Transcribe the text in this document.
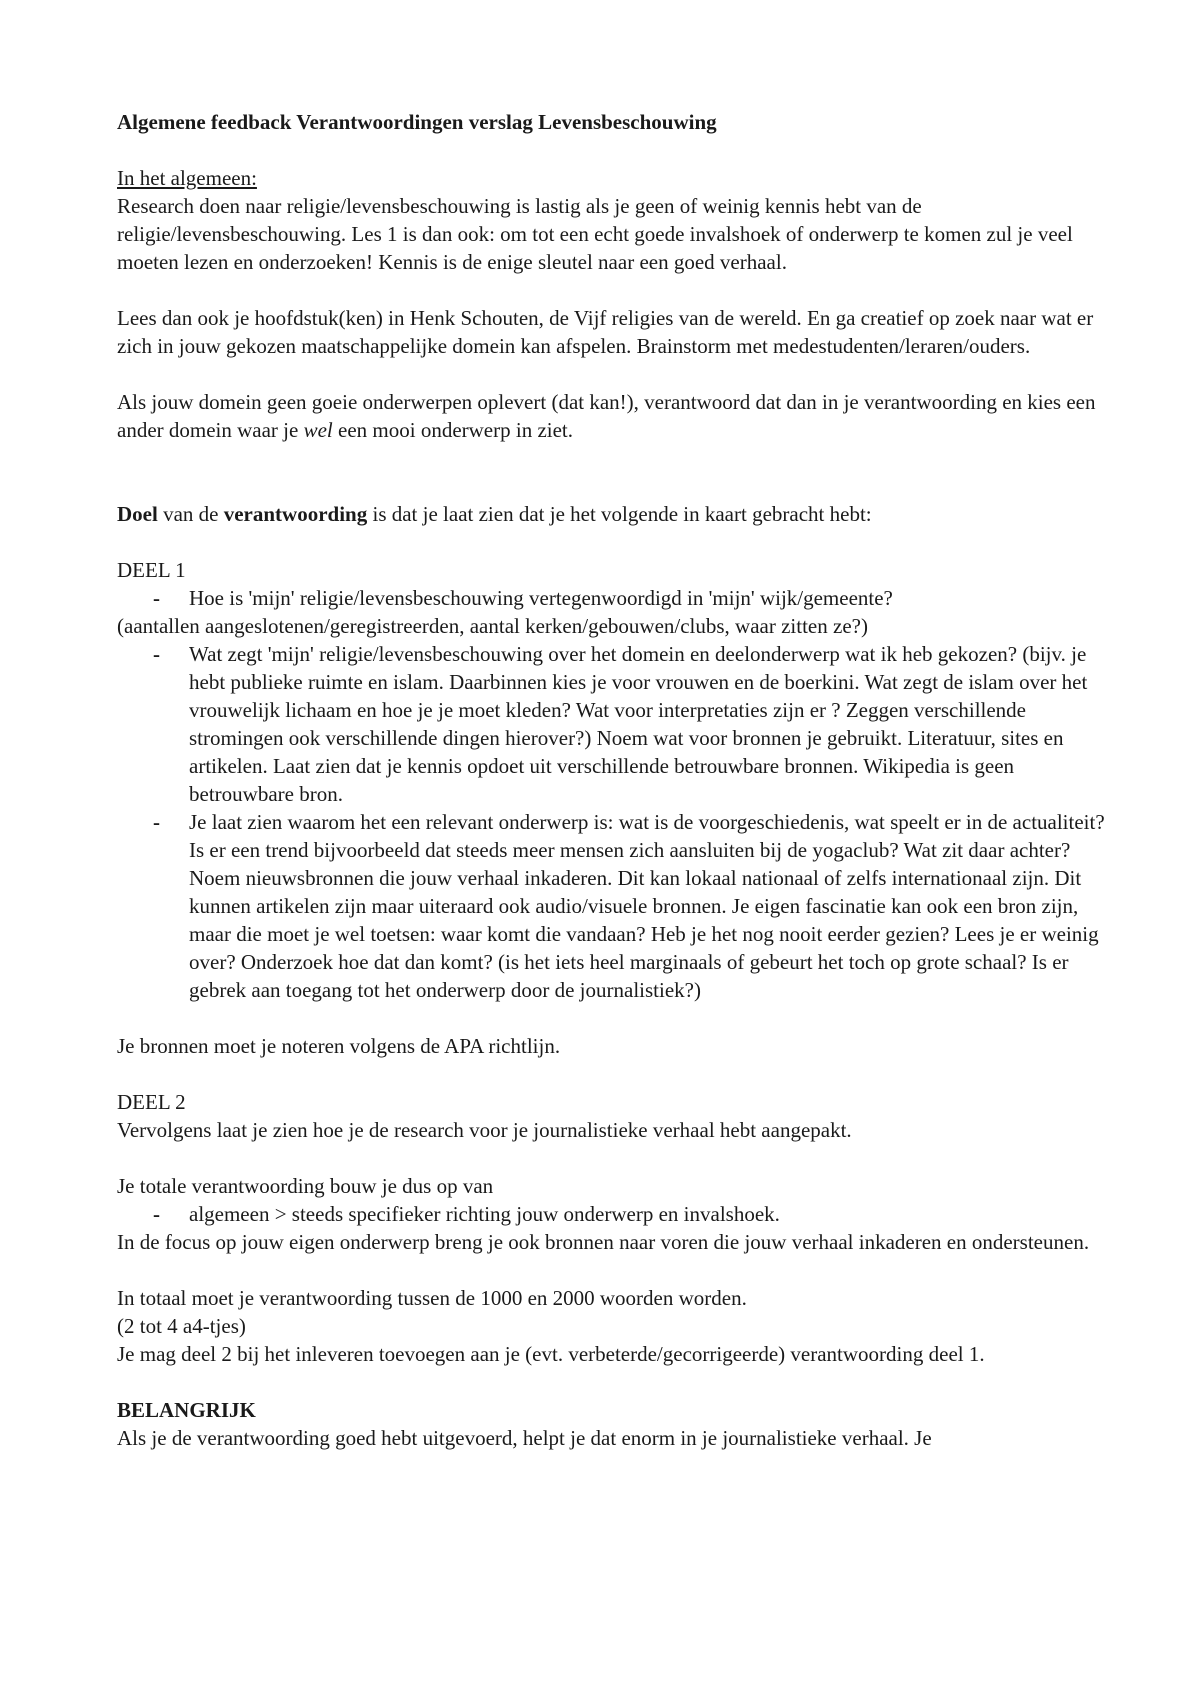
Algemene feedback Verantwoordingen verslag Levensbeschouwing

In het algemeen:

Research doen naar religie/levensbeschouwing is lastig als je geen of weinig kennis hebt van de religie/levensbeschouwing. Les 1 is dan ook: om tot een echt goede invalshoek of onderwerp te komen zul je veel moeten lezen en onderzoeken! Kennis is de enige sleutel naar een goed verhaal.

Lees dan ook je hoofdstuk(ken) in Henk Schouten, de Vijf religies van de wereld. En ga creatief op zoek naar wat er zich in jouw gekozen maatschappelijke domein kan afspelen. Brainstorm met medestudenten/leraren/ouders.

Als jouw domein geen goeie onderwerpen oplevert (dat kan!), verantwoord dat dan in je verantwoording en kies een ander domein waar je wel een mooi onderwerp in ziet.

Doel van de verantwoording is dat je laat zien dat je het volgende in kaart gebracht hebt:

DEEL 1

- Hoe is 'mijn' religie/levensbeschouwing vertegenwoordigd in 'mijn' wijk/gemeente?

(aantallen aangeslotenen/geregistreerden, aantal kerken/gebouwen/clubs, waar zitten ze?)

- Wat zegt 'mijn' religie/levensbeschouwing over het domein en deelonderwerp wat ik heb gekozen? (bijv. je hebt publieke ruimte en islam. Daarbinnen kies je voor vrouwen en de boerkini. Wat zegt de islam over het vrouwelijk lichaam en hoe je je moet kleden? Wat voor interpretaties zijn er ? Zeggen verschillende stromingen ook verschillende dingen hierover?) Noem wat voor bronnen je gebruikt. Literatuur, sites en artikelen. Laat zien dat je kennis opdoet uit verschillende betrouwbare bronnen. Wikipedia is geen betrouwbare bron.
- Je laat zien waarom het een relevant onderwerp is: wat is de voorgeschiedenis, wat speelt er in de actualiteit? Is er een trend bijvoorbeeld dat steeds meer mensen zich aansluiten bij de yogaclub? Wat zit daar achter? Noem nieuwsbronnen die jouw verhaal inkaderen. Dit kan lokaal nationaal of zelfs internationaal zijn. Dit kunnen artikelen zijn maar uiteraard ook audio/visuele bronnen. Je eigen fascinatie kan ook een bron zijn, maar die moet je wel toetsen: waar komt die vandaan? Heb je het nog nooit eerder gezien? Lees je er weinig over? Onderzoek hoe dat dan komt? (is het iets heel marginaals of gebeurt het toch op grote schaal? Is er gebrek aan toegang tot het onderwerp door de journalistiek?)

Je bronnen moet je noteren volgens de APA richtlijn.

DEEL 2

Vervolgens laat je zien hoe je de research voor je journalistieke verhaal hebt aangepakt.

Je totale verantwoording bouw je dus op van

- algemeen > steeds specifieker richting jouw onderwerp en invalshoek.

In de focus op jouw eigen onderwerp breng je ook bronnen naar voren die jouw verhaal inkaderen en ondersteunen.

In totaal moet je verantwoording tussen de 1000 en 2000 woorden worden.

(2 tot 4 a4-tjes)

Je mag deel 2 bij het inleveren toevoegen aan je (evt. verbeterde/gecorrigeerde) verantwoording deel 1.

BELANGRIJK

Als je de verantwoording goed hebt uitgevoerd, helpt je dat enorm in je journalistieke verhaal. Je
